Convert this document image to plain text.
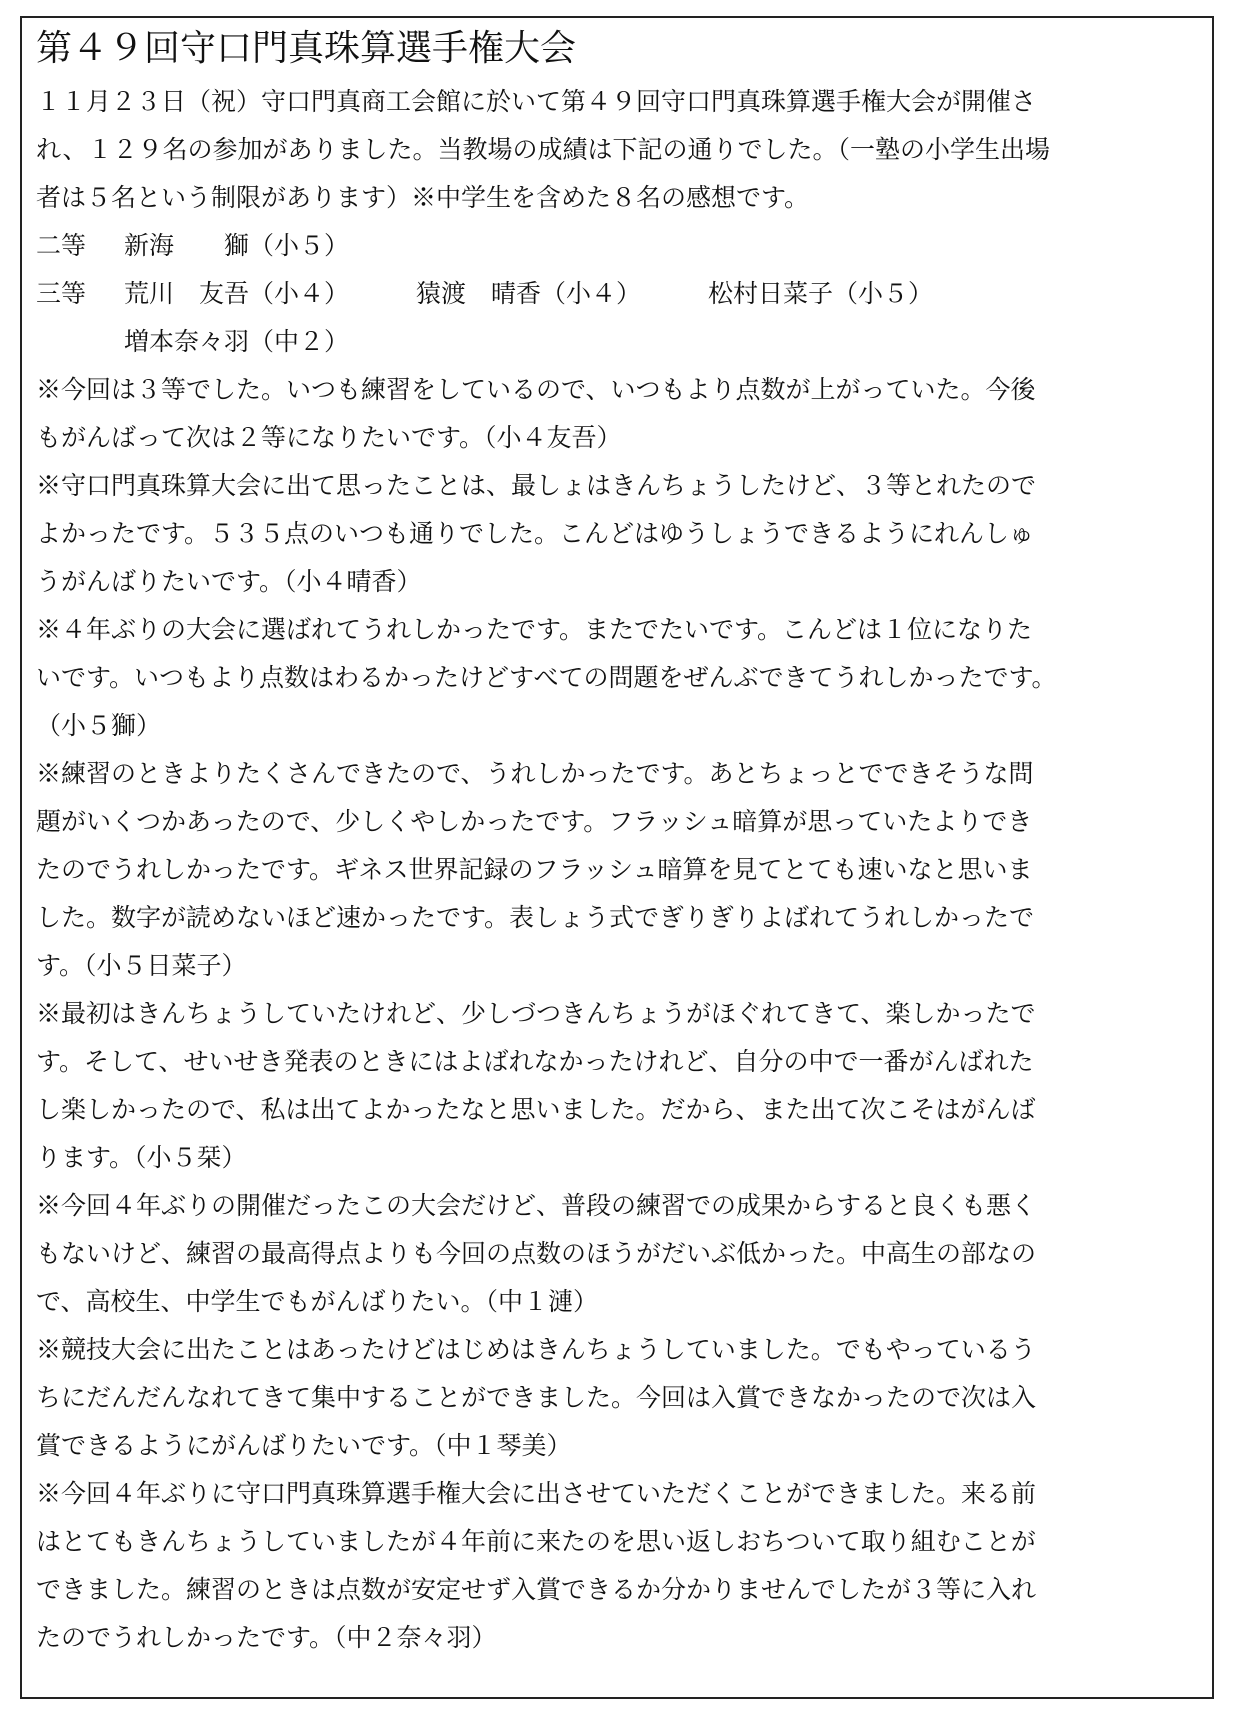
第４９回守口門真珠算選手権大会
１１月２３日（祝）守口門真商工会館に於いて第４９回守口門真珠算選手権大会が開催さ
れ、１２９名の参加がありました。当教場の成績は下記の通りでした。（一塾の小学生出場
者は５名という制限があります）※中学生を含めた８名の感想です。
二等	新海　　獅（小５）
三等	荒川　友吾（小４）	猿渡　晴香（小４）	松村日菜子（小５）
増本奈々羽（中２）
※今回は３等でした。いつも練習をしているので、いつもより点数が上がっていた。今後
もがんばって次は２等になりたいです。（小４友吾）
※守口門真珠算大会に出て思ったことは、最しょはきんちょうしたけど、３等とれたので
よかったです。５３５点のいつも通りでした。こんどはゆうしょうできるようにれんしゅ
うがんばりたいです。（小４晴香）
※４年ぶりの大会に選ばれてうれしかったです。またでたいです。こんどは１位になりた
いです。いつもより点数はわるかったけどすべての問題をぜんぶできてうれしかったです。
（小５獅）
※練習のときよりたくさんできたので、うれしかったです。あとちょっとでできそうな問
題がいくつかあったので、少しくやしかったです。フラッシュ暗算が思っていたよりでき
たのでうれしかったです。ギネス世界記録のフラッシュ暗算を見てとても速いなと思いま
した。数字が読めないほど速かったです。表しょう式でぎりぎりよばれてうれしかったで
す。（小５日菜子）
※最初はきんちょうしていたけれど、少しづつきんちょうがほぐれてきて、楽しかったで
す。そして、せいせき発表のときにはよばれなかったけれど、自分の中で一番がんばれた
し楽しかったので、私は出てよかったなと思いました。だから、また出て次こそはがんば
ります。（小５栞）
※今回４年ぶりの開催だったこの大会だけど、普段の練習での成果からすると良くも悪く
もないけど、練習の最高得点よりも今回の点数のほうがだいぶ低かった。中高生の部なの
で、高校生、中学生でもがんばりたい。（中１漣）
※競技大会に出たことはあったけどはじめはきんちょうしていました。でもやっているう
ちにだんだんなれてきて集中することができました。今回は入賞できなかったので次は入
賞できるようにがんばりたいです。（中１琴美）
※今回４年ぶりに守口門真珠算選手権大会に出させていただくことができました。来る前
はとてもきんちょうしていましたが４年前に来たのを思い返しおちついて取り組むことが
できました。練習のときは点数が安定せず入賞できるか分かりませんでしたが３等に入れ
たのでうれしかったです。（中２奈々羽）
